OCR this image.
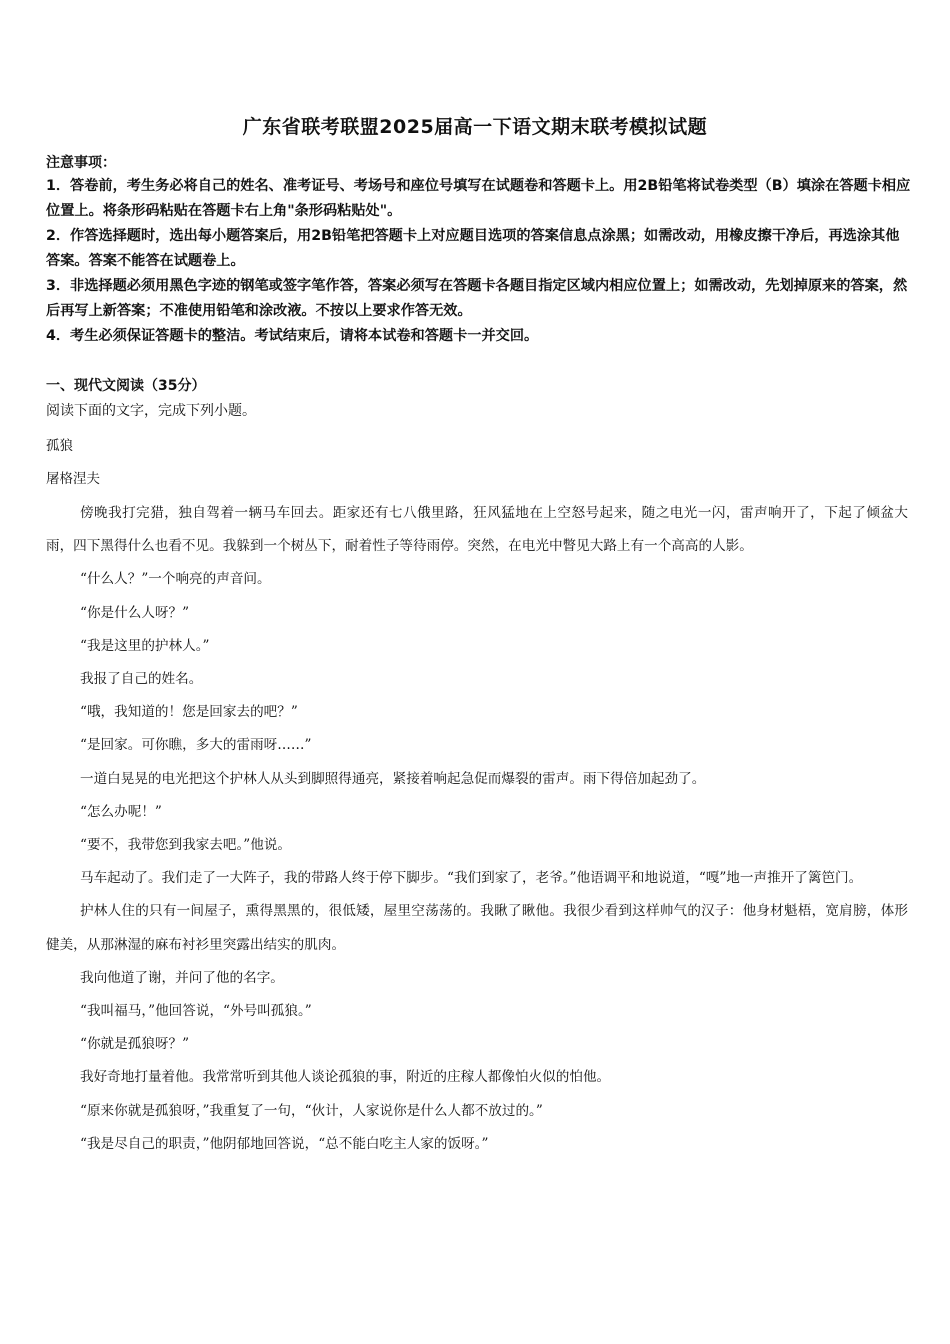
广东省联考联盟2025届高一下语文期末联考模拟试题
注意事项：

1．答卷前，考生务必将自己的姓名、准考证号、考场号和座位号填写在试题卷和答题卡上。用2B铅笔将试卷类型（B）填涂在答题卡相应位置上。将条形码粘贴在答题卡右上角"条形码粘贴处"。

2．作答选择题时，选出每小题答案后，用2B铅笔把答题卡上对应题目选项的答案信息点涂黑；如需改动，用橡皮擦干净后，再选涂其他答案。答案不能答在试题卷上。

3．非选择题必须用黑色字迹的钢笔或签字笔作答，答案必须写在答题卡各题目指定区域内相应位置上；如需改动，先划掉原来的答案，然后再写上新答案；不准使用铅笔和涂改液。不按以上要求作答无效。

4．考生必须保证答题卡的整洁。考试结束后，请将本试卷和答题卡一并交回。

一、现代文阅读（35分）
阅读下面的文字，完成下列小题。
孤狼
屠格涅夫

傍晚我打完猎，独自驾着一辆马车回去。距家还有七八俄里路，狂风猛地在上空怒号起来，随之电光一闪，雷声响开了，下起了倾盆大雨，四下黑得什么也看不见。我躲到一个树丛下，耐着性子等待雨停。突然，在电光中瞥见大路上有一个高高的人影。

“什么人？”一个响亮的声音问。

“你是什么人呀？”

“我是这里的护林人。”

我报了自己的姓名。

“哦，我知道的！您是回家去的吧？”

“是回家。可你瞧，多大的雷雨呀……”

一道白晃晃的电光把这个护林人从头到脚照得通亮，紧接着响起急促而爆裂的雷声。雨下得倍加起劲了。

“怎么办呢！”

“要不，我带您到我家去吧。”他说。

马车起动了。我们走了一大阵子，我的带路人终于停下脚步。“我们到家了，老爷。”他语调平和地说道，“嘎”地一声推开了篱笆门。

护林人住的只有一间屋子，熏得黑黑的，很低矮，屋里空荡荡的。我瞅了瞅他。我很少看到这样帅气的汉子：他身材魁梧，宽肩膀，体形健美，从那淋湿的麻布衬衫里突露出结实的肌肉。

我向他道了谢，并问了他的名字。

“我叫福马，”他回答说，“外号叫孤狼。”

“你就是孤狼呀？”

我好奇地打量着他。我常常听到其他人谈论孤狼的事，附近的庄稼人都像怕火似的怕他。

“原来你就是孤狼呀，”我重复了一句，“伙计，人家说你是什么人都不放过的。”

“我是尽自己的职责，”他阴郁地回答说，“总不能白吃主人家的饭呀。”
